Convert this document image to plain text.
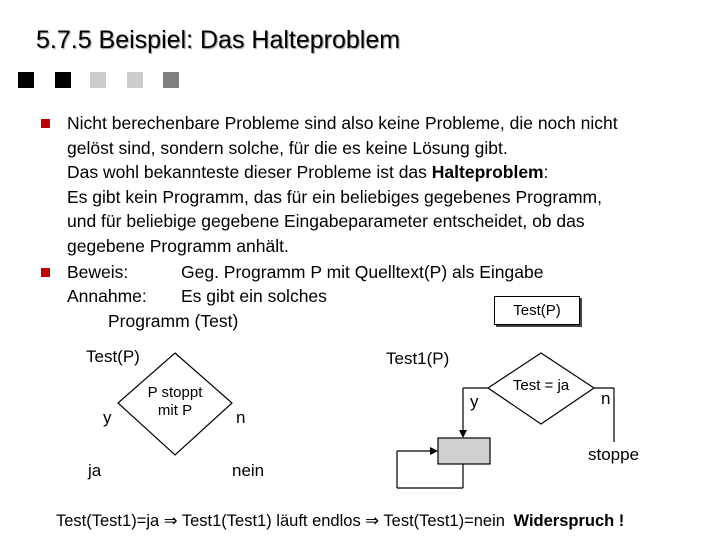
5.7.5 Beispiel: Das Halteproblem
Nicht berechenbare Probleme sind also keine Probleme, die noch nicht
gelöst sind, sondern solche, für die es keine Lösung gibt.
Das wohl bekannteste dieser Probleme ist das Halteproblem:
Es gibt kein Programm, das für ein beliebiges gegebenes Programm,
und für beliebige gegebene Eingabeparameter entscheidet, ob das
gegebene Programm anhält.
Beweis:	Geg. Programm P mit Quelltext(P) als Eingabe
Annahme: Es gibt ein solches
Programm (Test)
Test(P)
Test(P)
P stoppt
mit P
y	n
ja	nein
Test1(P)
Test = ja
y	n
stoppe
Test(Test1)=ja ⇒ Test1(Test1) läuft endlos ⇒ Test(Test1)=nein Widerspruch !
